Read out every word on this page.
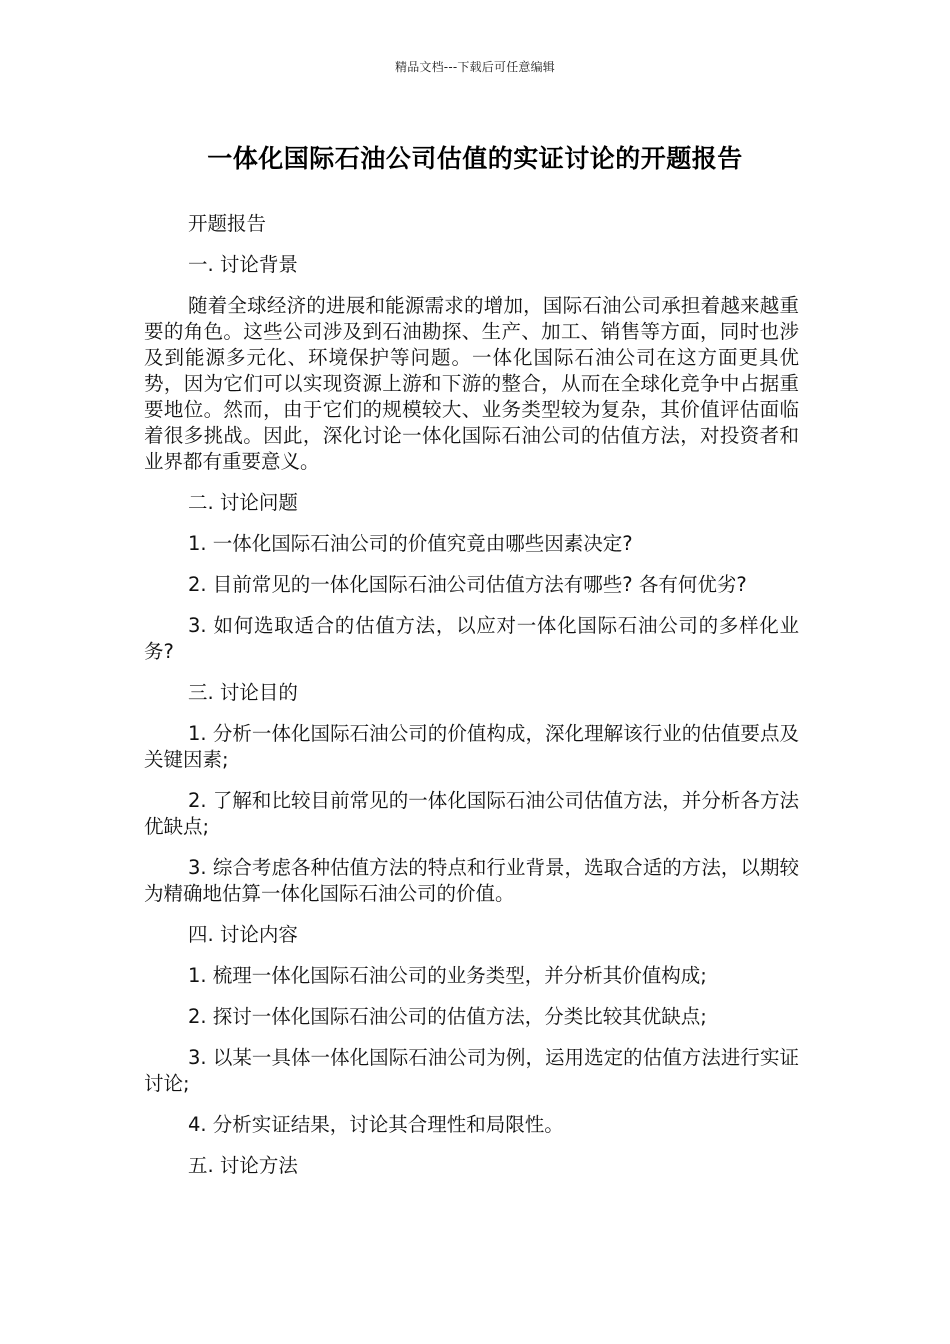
精品文档---下载后可任意编辑
一体化国际石油公司估值的实证讨论的开题报告

开题报告

一. 讨论背景

随着全球经济的进展和能源需求的增加，国际石油公司承担着越来越重要的角色。这些公司涉及到石油勘探、生产、加工、销售等方面，同时也涉及到能源多元化、环境保护等问题。一体化国际石油公司在这方面更具优势，因为它们可以实现资源上游和下游的整合，从而在全球化竞争中占据重要地位。然而，由于它们的规模较大、业务类型较为复杂，其价值评估面临着很多挑战。因此，深化讨论一体化国际石油公司的估值方法，对投资者和业界都有重要意义。

二. 讨论问题

1. 一体化国际石油公司的价值究竟由哪些因素决定?

2. 目前常见的一体化国际石油公司估值方法有哪些? 各有何优劣?

3. 如何选取适合的估值方法，以应对一体化国际石油公司的多样化业务?

三. 讨论目的

1. 分析一体化国际石油公司的价值构成，深化理解该行业的估值要点及关键因素;

2. 了解和比较目前常见的一体化国际石油公司估值方法，并分析各方法优缺点;

3. 综合考虑各种估值方法的特点和行业背景，选取合适的方法，以期较为精确地估算一体化国际石油公司的价值。

四. 讨论内容

1. 梳理一体化国际石油公司的业务类型，并分析其价值构成;

2. 探讨一体化国际石油公司的估值方法，分类比较其优缺点;

3. 以某一具体一体化国际石油公司为例，运用选定的估值方法进行实证讨论;

4. 分析实证结果，讨论其合理性和局限性。

五. 讨论方法
